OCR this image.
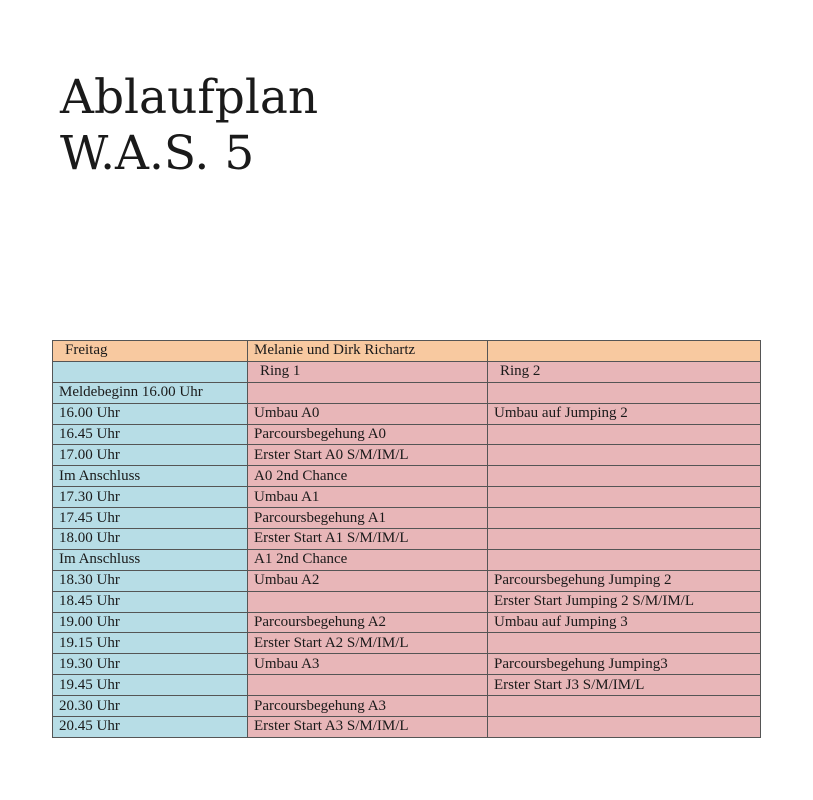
Ablaufplan
W.A.S. 5
Freitag	Melanie und Dirk Richartz	
	Ring 1	Ring 2
Meldebeginn 16.00 Uhr		
16.00 Uhr	Umbau A0	Umbau auf Jumping 2
16.45 Uhr	Parcoursbegehung A0	
17.00 Uhr	Erster Start A0 S/M/IM/L	
Im Anschluss	A0 2nd Chance	
17.30 Uhr	Umbau A1	
17.45 Uhr	Parcoursbegehung A1	
18.00 Uhr	Erster Start A1 S/M/IM/L	
Im Anschluss	A1 2nd Chance	
18.30 Uhr	Umbau A2	Parcoursbegehung Jumping 2
18.45 Uhr		Erster Start Jumping 2 S/M/IM/L
19.00 Uhr	Parcoursbegehung A2	Umbau auf Jumping 3
19.15 Uhr	Erster Start A2 S/M/IM/L	
19.30 Uhr	Umbau A3	Parcoursbegehung Jumping3
19.45 Uhr		Erster Start J3 S/M/IM/L
20.30 Uhr	Parcoursbegehung A3	
20.45 Uhr	Erster Start A3 S/M/IM/L	
